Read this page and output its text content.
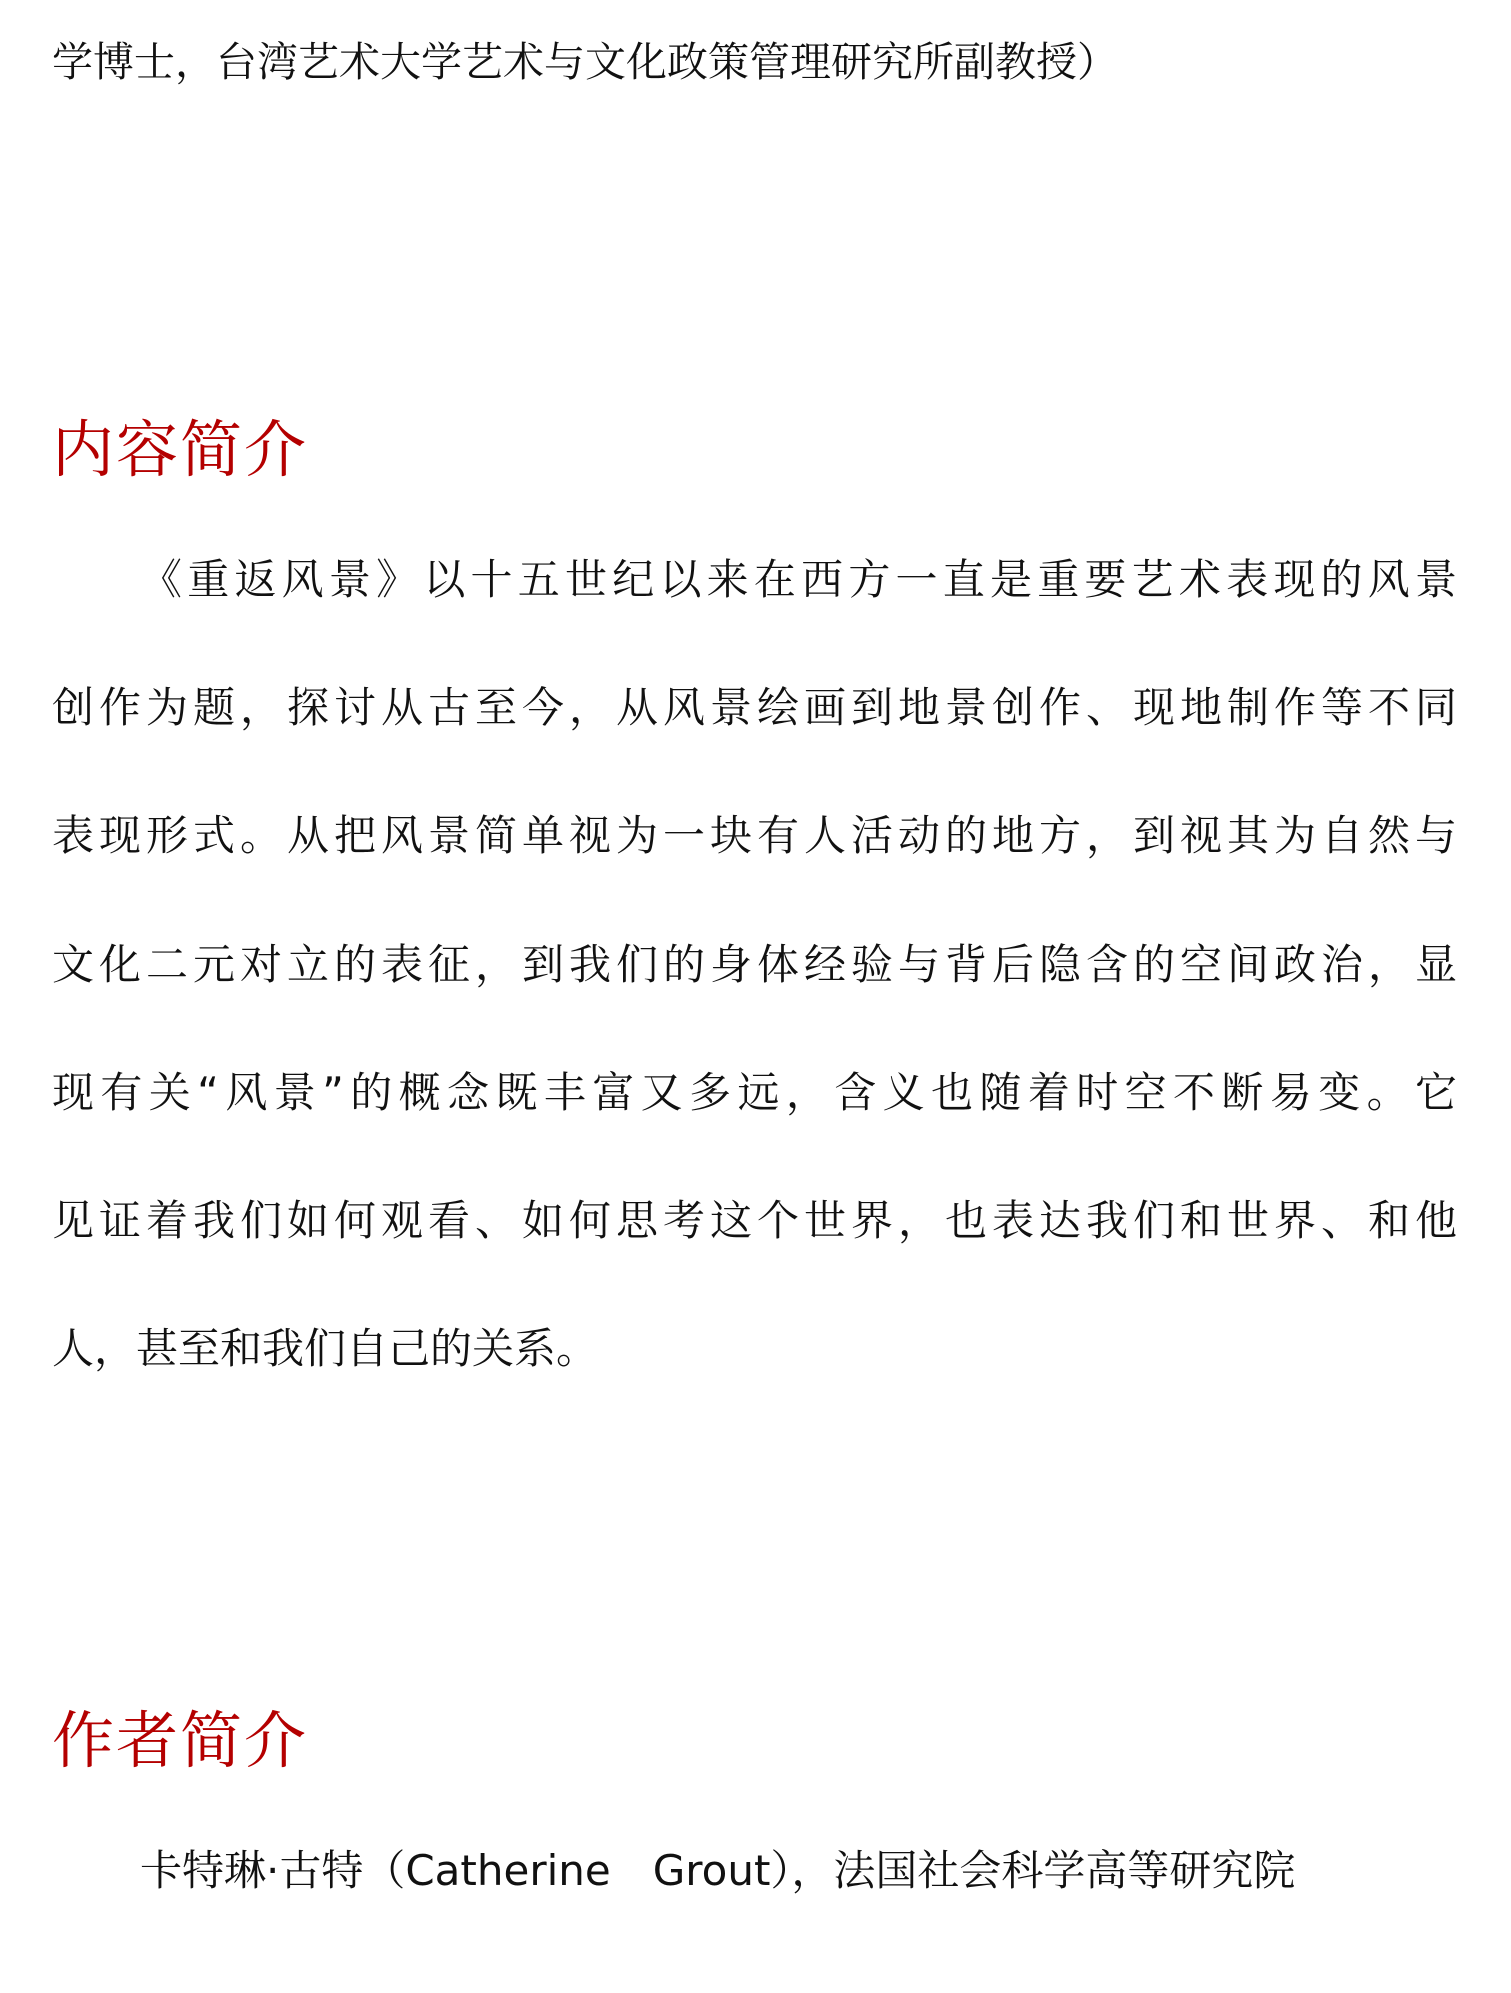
学博士，台湾艺术大学艺术与文化政策管理研究所副教授）
内容简介
《重返风景》以十五世纪以来在西方一直是重要艺术表现的风景
创作为题，探讨从古至今，从风景绘画到地景创作、现地制作等不同
表现形式。从把风景简单视为一块有人活动的地方，到视其为自然与
文化二元对立的表征，到我们的身体经验与背后隐含的空间政治，显
现有关“风景”的概念既丰富又多远，含义也随着时空不断易变。它
见证着我们如何观看、如何思考这个世界，也表达我们和世界、和他
人，甚至和我们自己的关系。
作者简介
卡特琳·古特（Catherine　Grout），法国社会科学高等研究院
